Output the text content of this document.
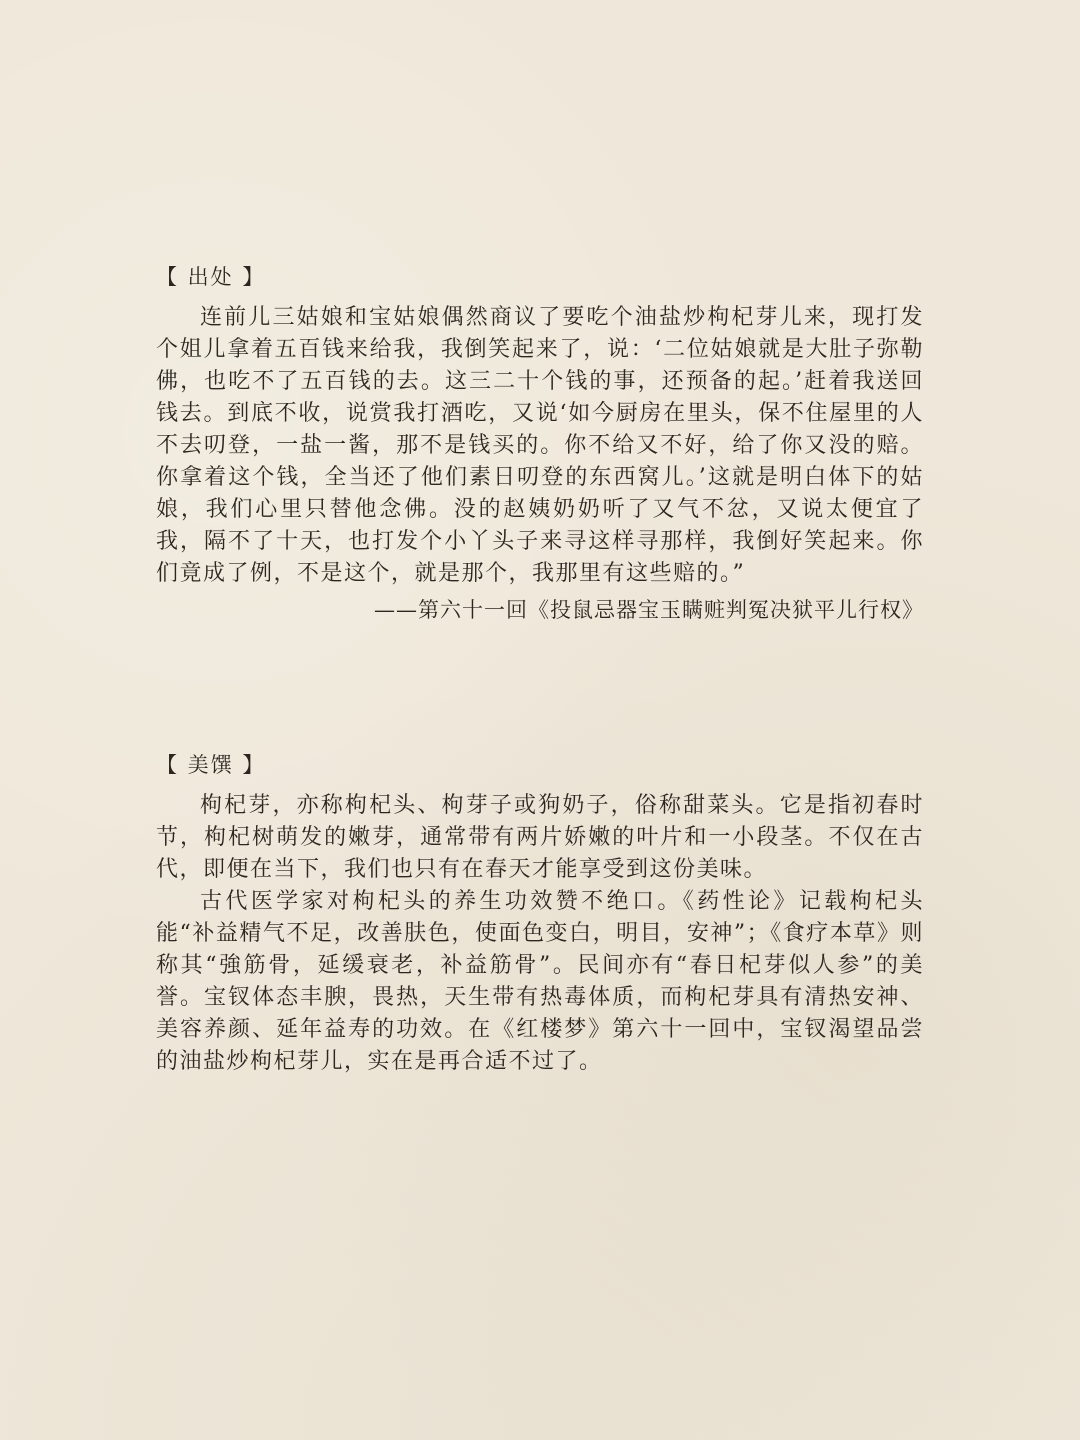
【 出处 】

连前儿三姑娘和宝姑娘偶然商议了要吃个油盐炒枸杞芽儿来，现打发个姐儿拿着五百钱来给我，我倒笑起来了，说：‘二位姑娘就是大肚子弥勒佛，也吃不了五百钱的去。这三二十个钱的事，还预备的起。’赶着我送回钱去。到底不收，说赏我打酒吃，又说‘如今厨房在里头，保不住屋里的人不去叨登，一盐一酱，那不是钱买的。你不给又不好，给了你又没的赔。你拿着这个钱，全当还了他们素日叨登的东西窝儿。’这就是明白体下的姑娘，我们心里只替他念佛。没的赵姨奶奶听了又气不忿，又说太便宜了我，隔不了十天，也打发个小丫头子来寻这样寻那样，我倒好笑起来。你们竟成了例，不是这个，就是那个，我那里有这些赔的。”

——第六十一回《投鼠忌器宝玉瞒赃判冤决狱平儿行权》
【 美馔 】

枸杞芽，亦称枸杞头、枸芽子或狗奶子，俗称甜菜头。它是指初春时节，枸杞树萌发的嫩芽，通常带有两片娇嫩的叶片和一小段茎。不仅在古代，即便在当下，我们也只有在春天才能享受到这份美味。

古代医学家对枸杞头的养生功效赞不绝口。《药性论》记载枸杞头能“补益精气不足，改善肤色，使面色变白，明目，安神”；《食疗本草》则称其“強筋骨，延缓衰老，补益筋骨”。民间亦有“春日杞芽似人参”的美誉。宝钗体态丰腴，畏热，天生带有热毒体质，而枸杞芽具有清热安神、美容养颜、延年益寿的功效。在《红楼梦》第六十一回中，宝钗渴望品尝的油盐炒枸杞芽儿，实在是再合适不过了。
